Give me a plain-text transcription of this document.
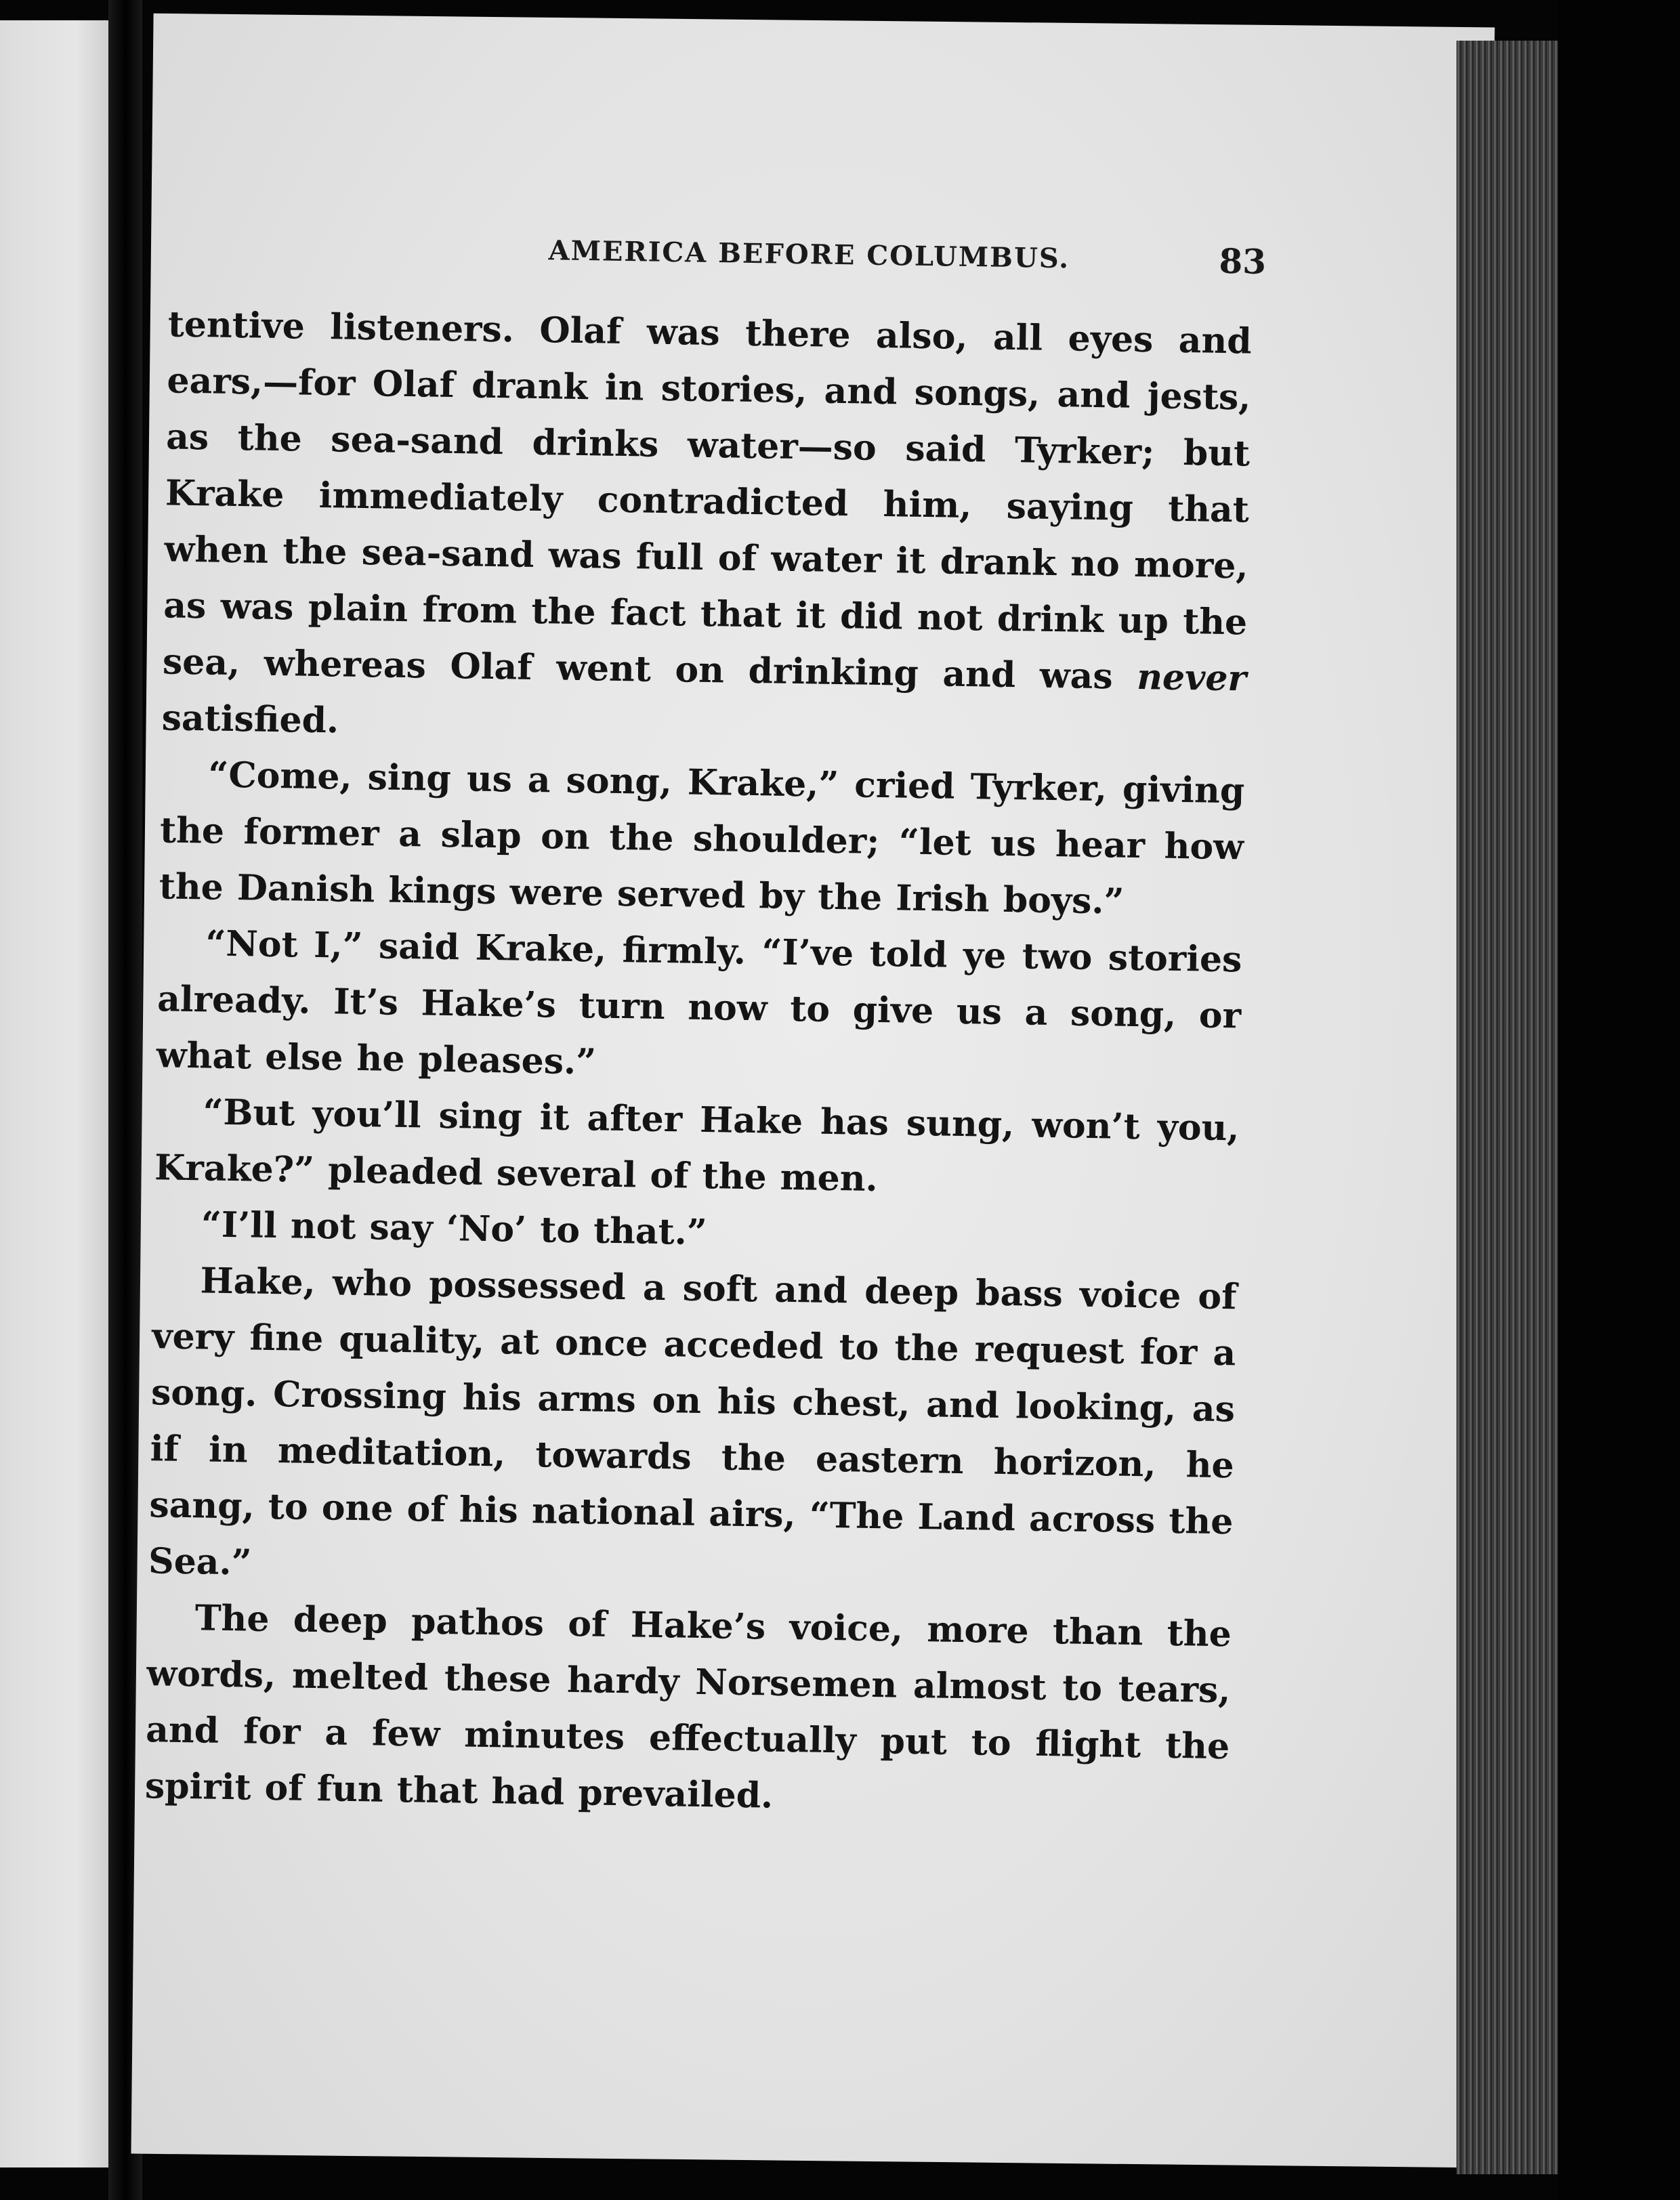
AMERICA BEFORE COLUMBUS.	83

tentive listeners. Olaf was there also, all eyes and ears,—for Olaf drank in stories, and songs, and jests, as the sea-sand drinks water—so said Tyrker; but Krake immediately contradicted him, saying that when the sea-sand was full of water it drank no more, as was plain from the fact that it did not drink up the sea, whereas Olaf went on drinking and was never satisfied.

“Come, sing us a song, Krake,” cried Tyrker, giving the former a slap on the shoulder; “let us hear how the Danish kings were served by the Irish boys.”

“Not I,” said Krake, firmly. “I’ve told ye two stories already. It’s Hake’s turn now to give us a song, or what else he pleases.”

“But you’ll sing it after Hake has sung, won’t you, Krake?” pleaded several of the men.

“I’ll not say ‘No’ to that.”

Hake, who possessed a soft and deep bass voice of very fine quality, at once acceded to the request for a song. Crossing his arms on his chest, and looking, as if in meditation, towards the eastern horizon, he sang, to one of his national airs, “The Land across the Sea.”

The deep pathos of Hake’s voice, more than the words, melted these hardy Norsemen almost to tears, and for a few minutes effectually put to flight the spirit of fun that had prevailed.
